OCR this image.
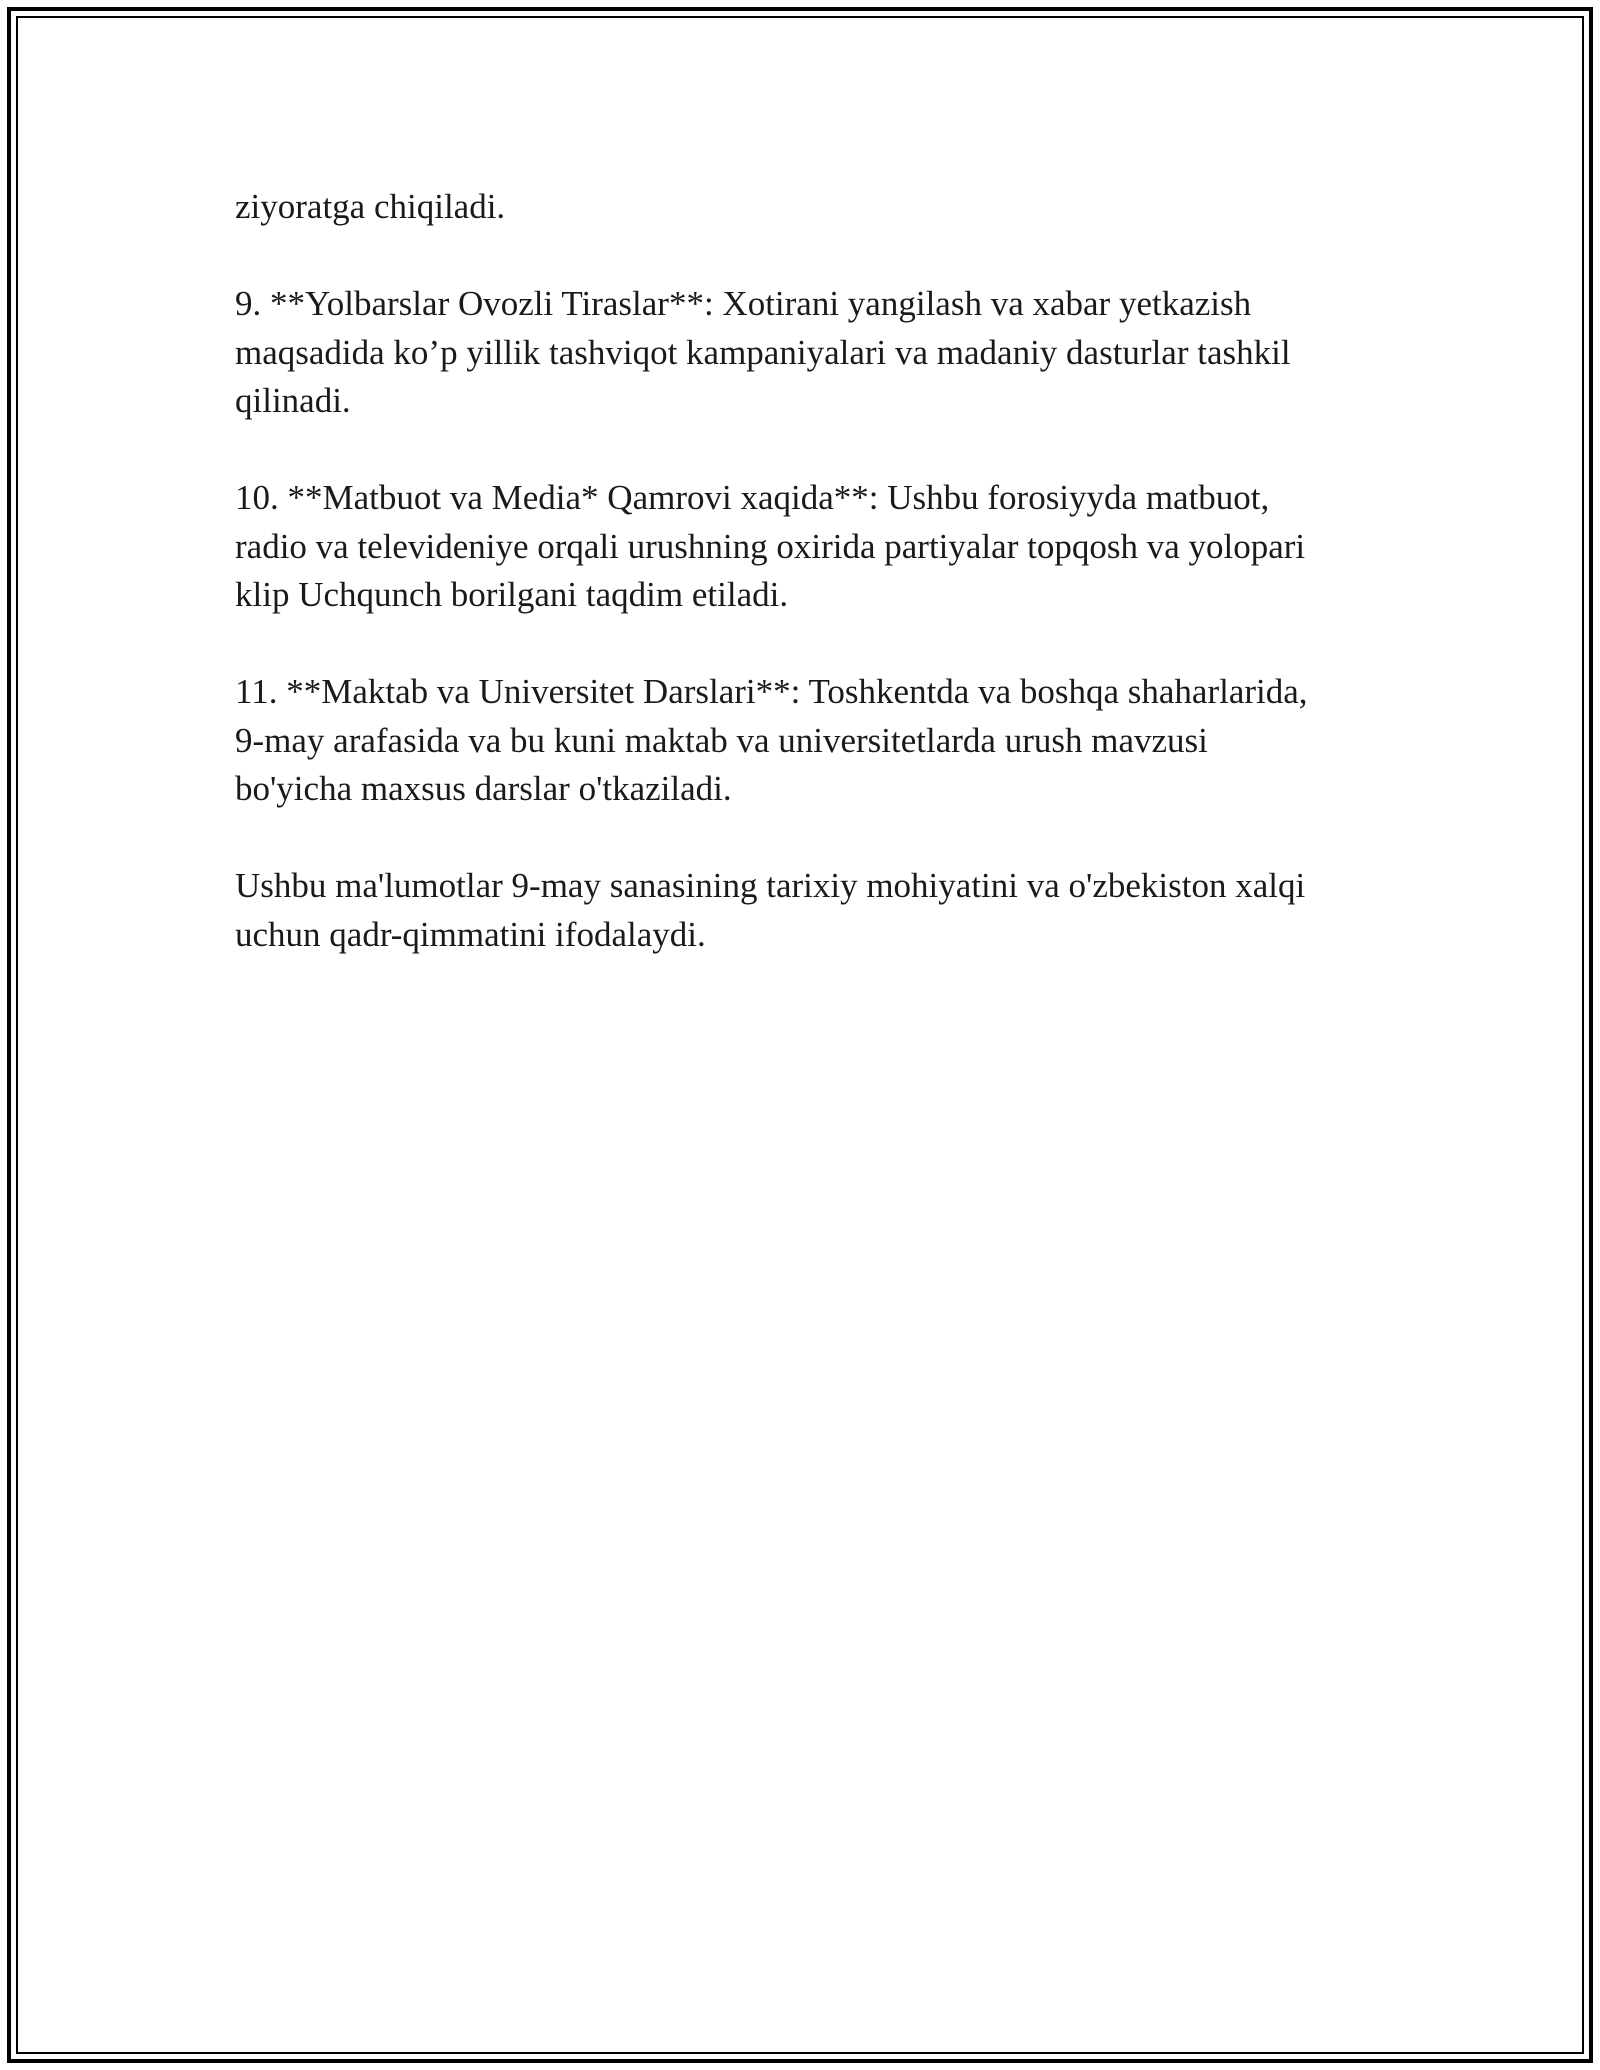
ziyoratga chiqiladi.

9. **Yolbarslar Ovozli Tiraslar**: Xotirani yangilash va xabar yetkazish
maqsadida ko’p yillik tashviqot kampaniyalari va madaniy dasturlar tashkil
qilinadi.

10. **Matbuot va Media* Qamrovi xaqida**: Ushbu forosiyyda matbuot,
radio va televideniye orqali urushning oxirida partiyalar topqosh va yolopari
klip Uchqunch borilgani taqdim etiladi.

11. **Maktab va Universitet Darslari**: Toshkentda va boshqa shaharlarida,
9-may arafasida va bu kuni maktab va universitetlarda urush mavzusi
bo'yicha maxsus darslar o'tkaziladi.

Ushbu ma'lumotlar 9-may sanasining tarixiy mohiyatini va o'zbekiston xalqi
uchun qadr-qimmatini ifodalaydi.
